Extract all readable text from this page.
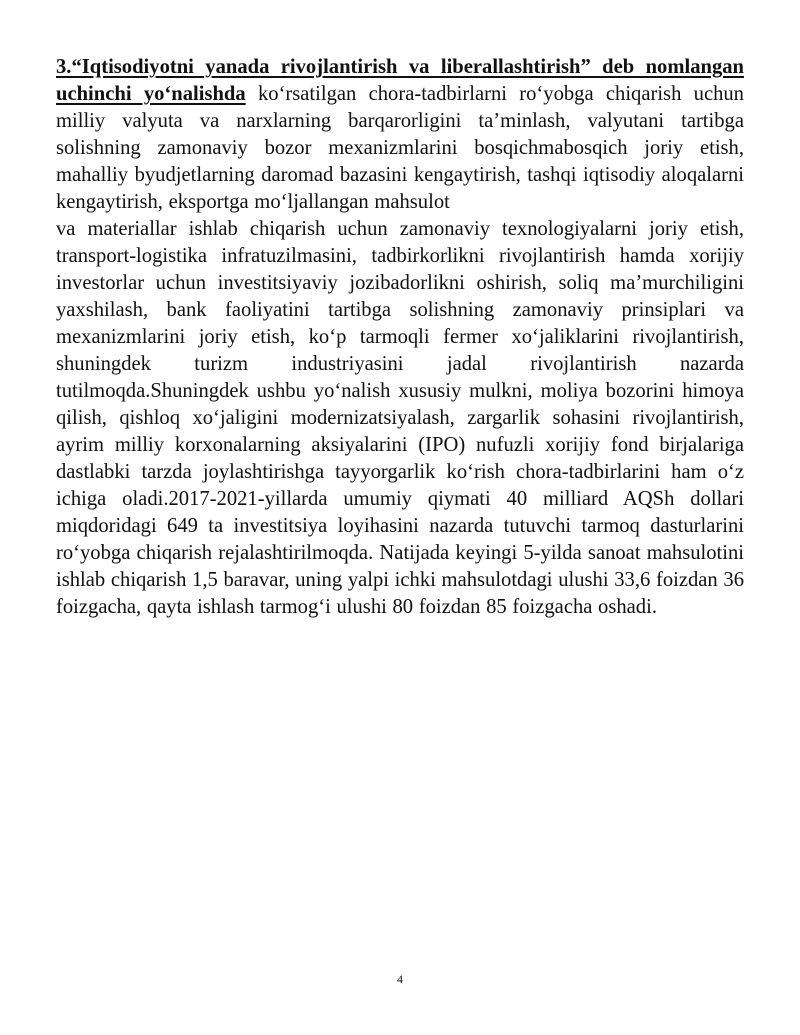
3.“Iqtisodiyotni yanada rivojlantirish va liberallashtirish” deb nomlangan uchinchi yo‘nalishda ko‘rsatilgan chora-tadbirlarni ro‘yobga chiqarish uchun milliy valyuta va narxlarning barqarorligini ta’minlash, valyutani tartibga solishning zamonaviy bozor mexanizmlarini bosqichmabosqich joriy etish, mahalliy byudjetlarning daromad bazasini kengaytirish, tashqi iqtisodiy aloqalarni kengaytirish, eksportga mo‘ljallangan mahsulot

va materiallar ishlab chiqarish uchun zamonaviy texnologiyalarni joriy etish, transport-logistika infratuzilmasini, tadbirkorlikni rivojlantirish hamda xorijiy investorlar uchun investitsiyaviy jozibadorlikni oshirish, soliq ma’murchiligini yaxshilash, bank faoliyatini tartibga solishning zamonaviy prinsiplari va mexanizmlarini joriy etish, ko‘p tarmoqli fermer xo‘jaliklarini rivojlantirish, shuningdek turizm industriyasini jadal rivojlantirish nazarda tutilmoqda.Shuningdek ushbu yo‘nalish xususiy mulkni, moliya bozorini himoya qilish, qishloq xo‘jaligini modernizatsiyalash, zargarlik sohasini rivojlantirish, ayrim milliy korxonalarning aksiyalarini (IPO) nufuzli xorijiy fond birjalariga dastlabki tarzda joylashtirishga tayyorgarlik ko‘rish chora-tadbirlarini ham o‘z ichiga oladi.2017-2021-yillarda umumiy qiymati 40 milliard AQSh dollari miqdoridagi 649 ta investitsiya loyihasini nazarda tutuvchi tarmoq dasturlarini ro‘yobga chiqarish rejalashtirilmoqda. Natijada keyingi 5-yilda sanoat mahsulotini ishlab chiqarish 1,5 baravar, uning yalpi ichki mahsulotdagi ulushi 33,6 foizdan 36 foizgacha, qayta ishlash tarmog‘i ulushi 80 foizdan 85 foizgacha oshadi.

4
